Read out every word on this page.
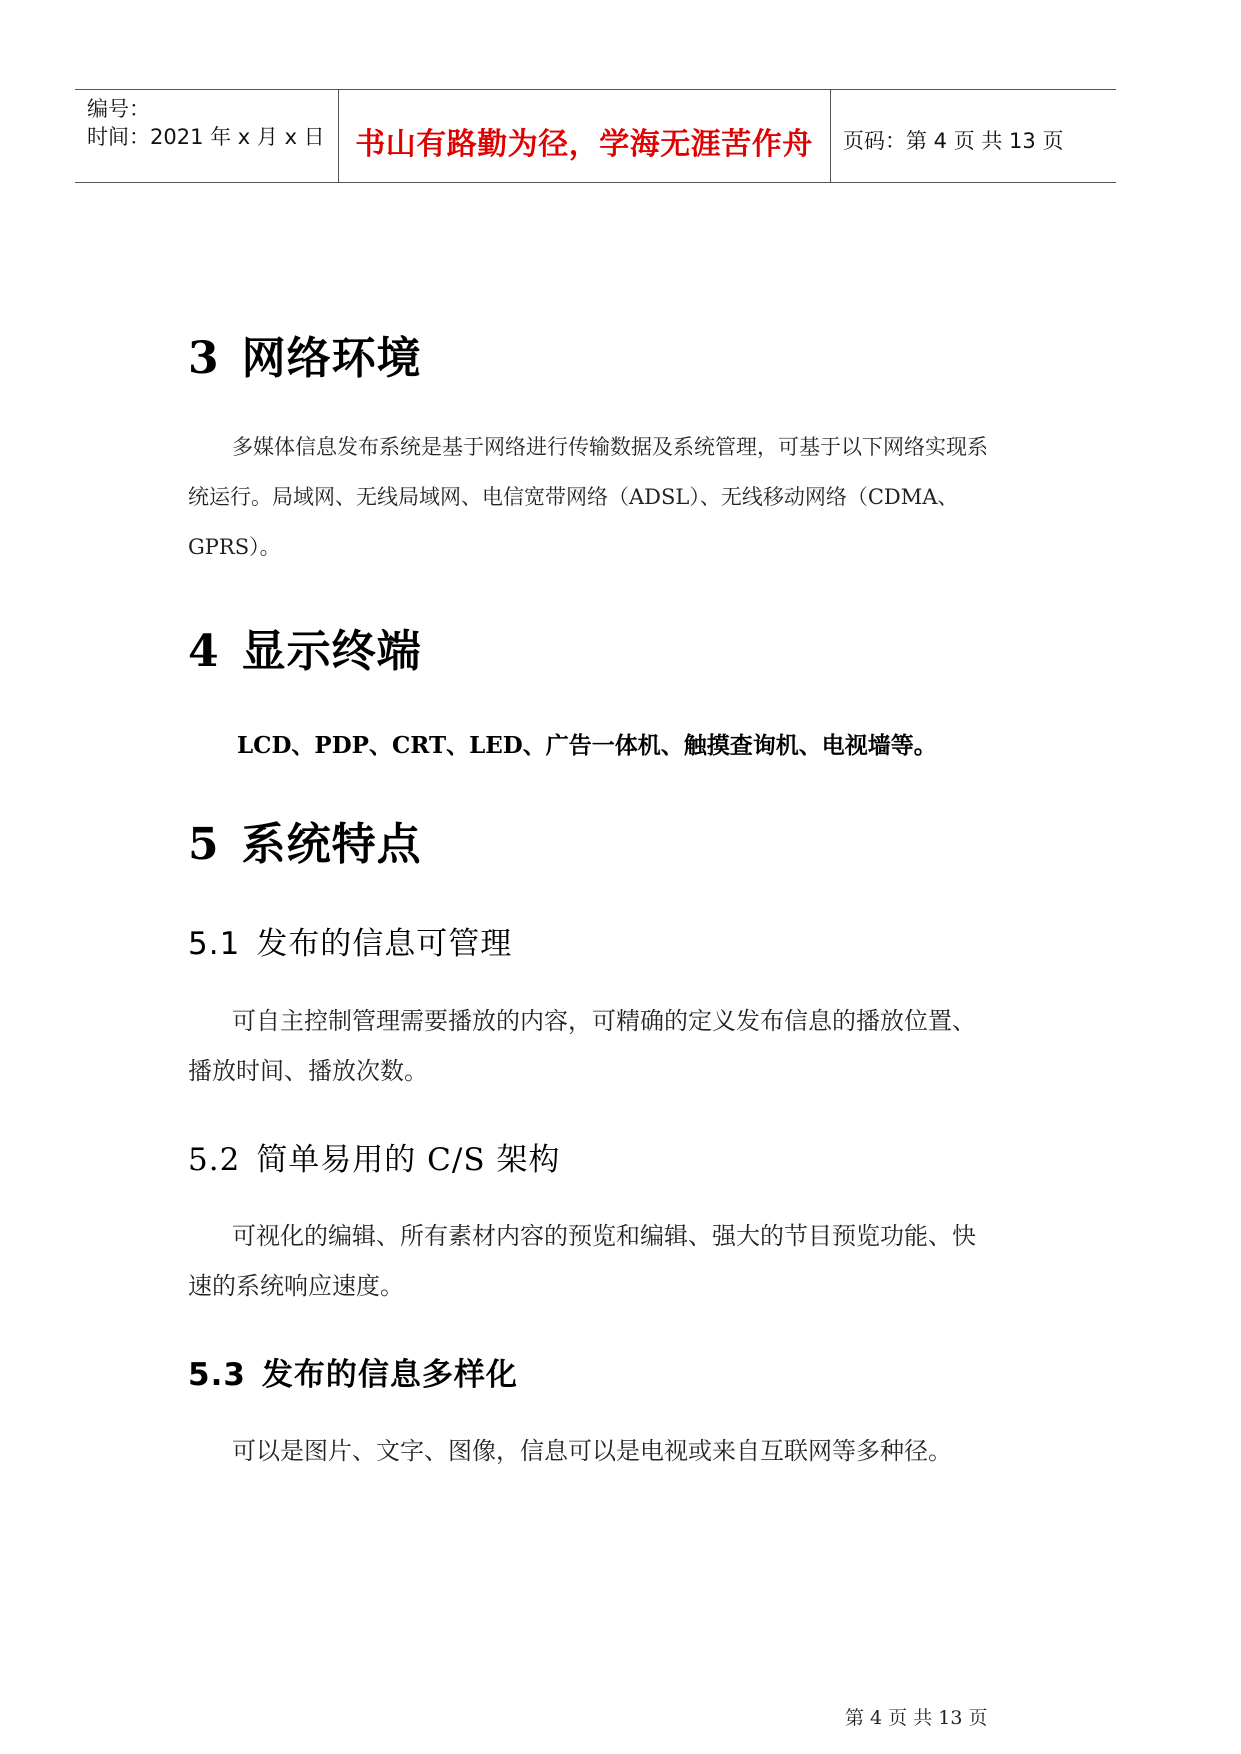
编号：
时间：2021 年 x 月 x 日	书山有路勤为径，学海无涯苦作舟	页码：第 4 页 共 13 页
3 网络环境
多媒体信息发布系统是基于网络进行传输数据及系统管理，可基于以下网络实现系
统运行。局域网、无线局域网、电信宽带网络（ADSL）、无线移动网络（CDMA、
GPRS）。
4 显示终端
LCD、PDP、CRT、LED、广告一体机、触摸查询机、电视墙等。
5 系统特点
5.1 发布的信息可管理
可自主控制管理需要播放的内容，可精确的定义发布信息的播放位置、
播放时间、播放次数。
5.2 简单易用的 C/S 架构
可视化的编辑、所有素材内容的预览和编辑、强大的节目预览功能、快
速的系统响应速度。
5.3 发布的信息多样化
可以是图片、文字、图像，信息可以是电视或来自互联网等多种径。
第 4 页 共 13 页
